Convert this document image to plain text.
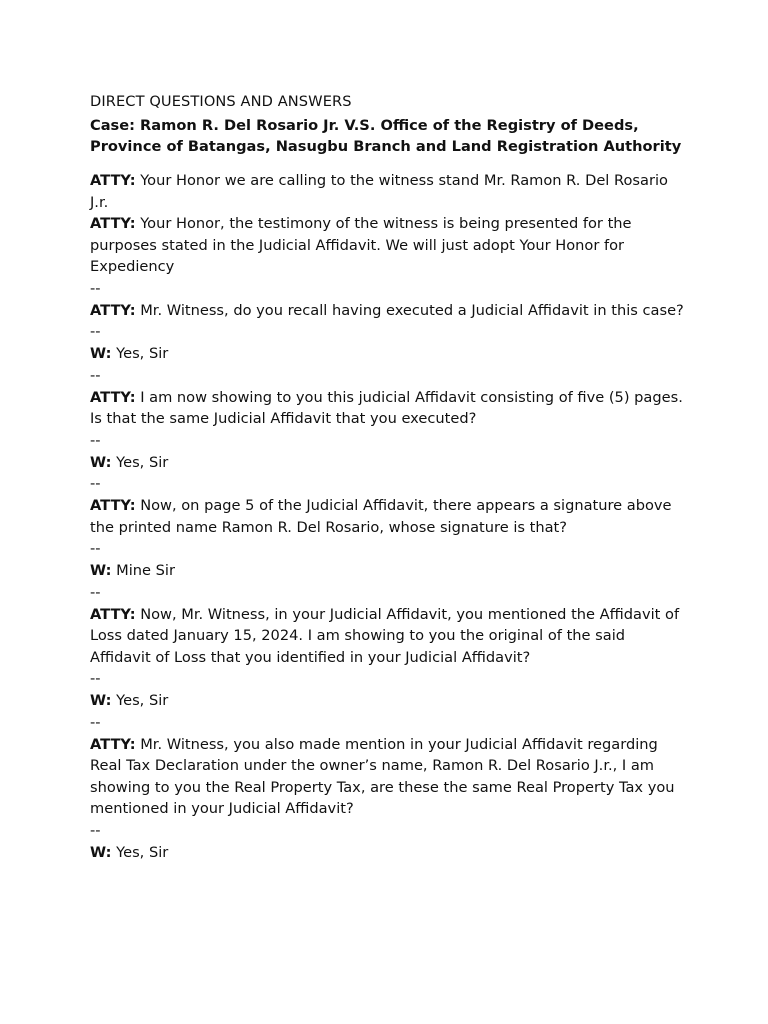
DIRECT QUESTIONS AND ANSWERS

Case: Ramon R. Del Rosario Jr. V.S. Office of the Registry of Deeds, Province of Batangas, Nasugbu Branch and Land Registration Authority

ATTY: Your Honor we are calling to the witness stand Mr. Ramon R. Del Rosario J.r.

ATTY: Your Honor, the testimony of the witness is being presented for the purposes stated in the Judicial Affidavit. We will just adopt Your Honor for Expediency

--

ATTY: Mr. Witness, do you recall having executed a Judicial Affidavit in this case?

--

W: Yes, Sir

--

ATTY: I am now showing to you this judicial Affidavit consisting of five (5) pages. Is that the same Judicial Affidavit that you executed?

--

W: Yes, Sir

--

ATTY: Now, on page 5 of the Judicial Affidavit, there appears a signature above the printed name Ramon R. Del Rosario, whose signature is that?

--

W: Mine Sir

--

ATTY: Now, Mr. Witness, in your Judicial Affidavit, you mentioned the Affidavit of Loss dated January 15, 2024. I am showing to you the original of the said Affidavit of Loss that you identified in your Judicial Affidavit?

--

W: Yes, Sir

--

ATTY: Mr. Witness, you also made mention in your Judicial Affidavit regarding Real Tax Declaration under the owner’s name, Ramon R. Del Rosario J.r., I am showing to you the Real Property Tax, are these the same Real Property Tax you mentioned in your Judicial Affidavit?

--

W: Yes, Sir
